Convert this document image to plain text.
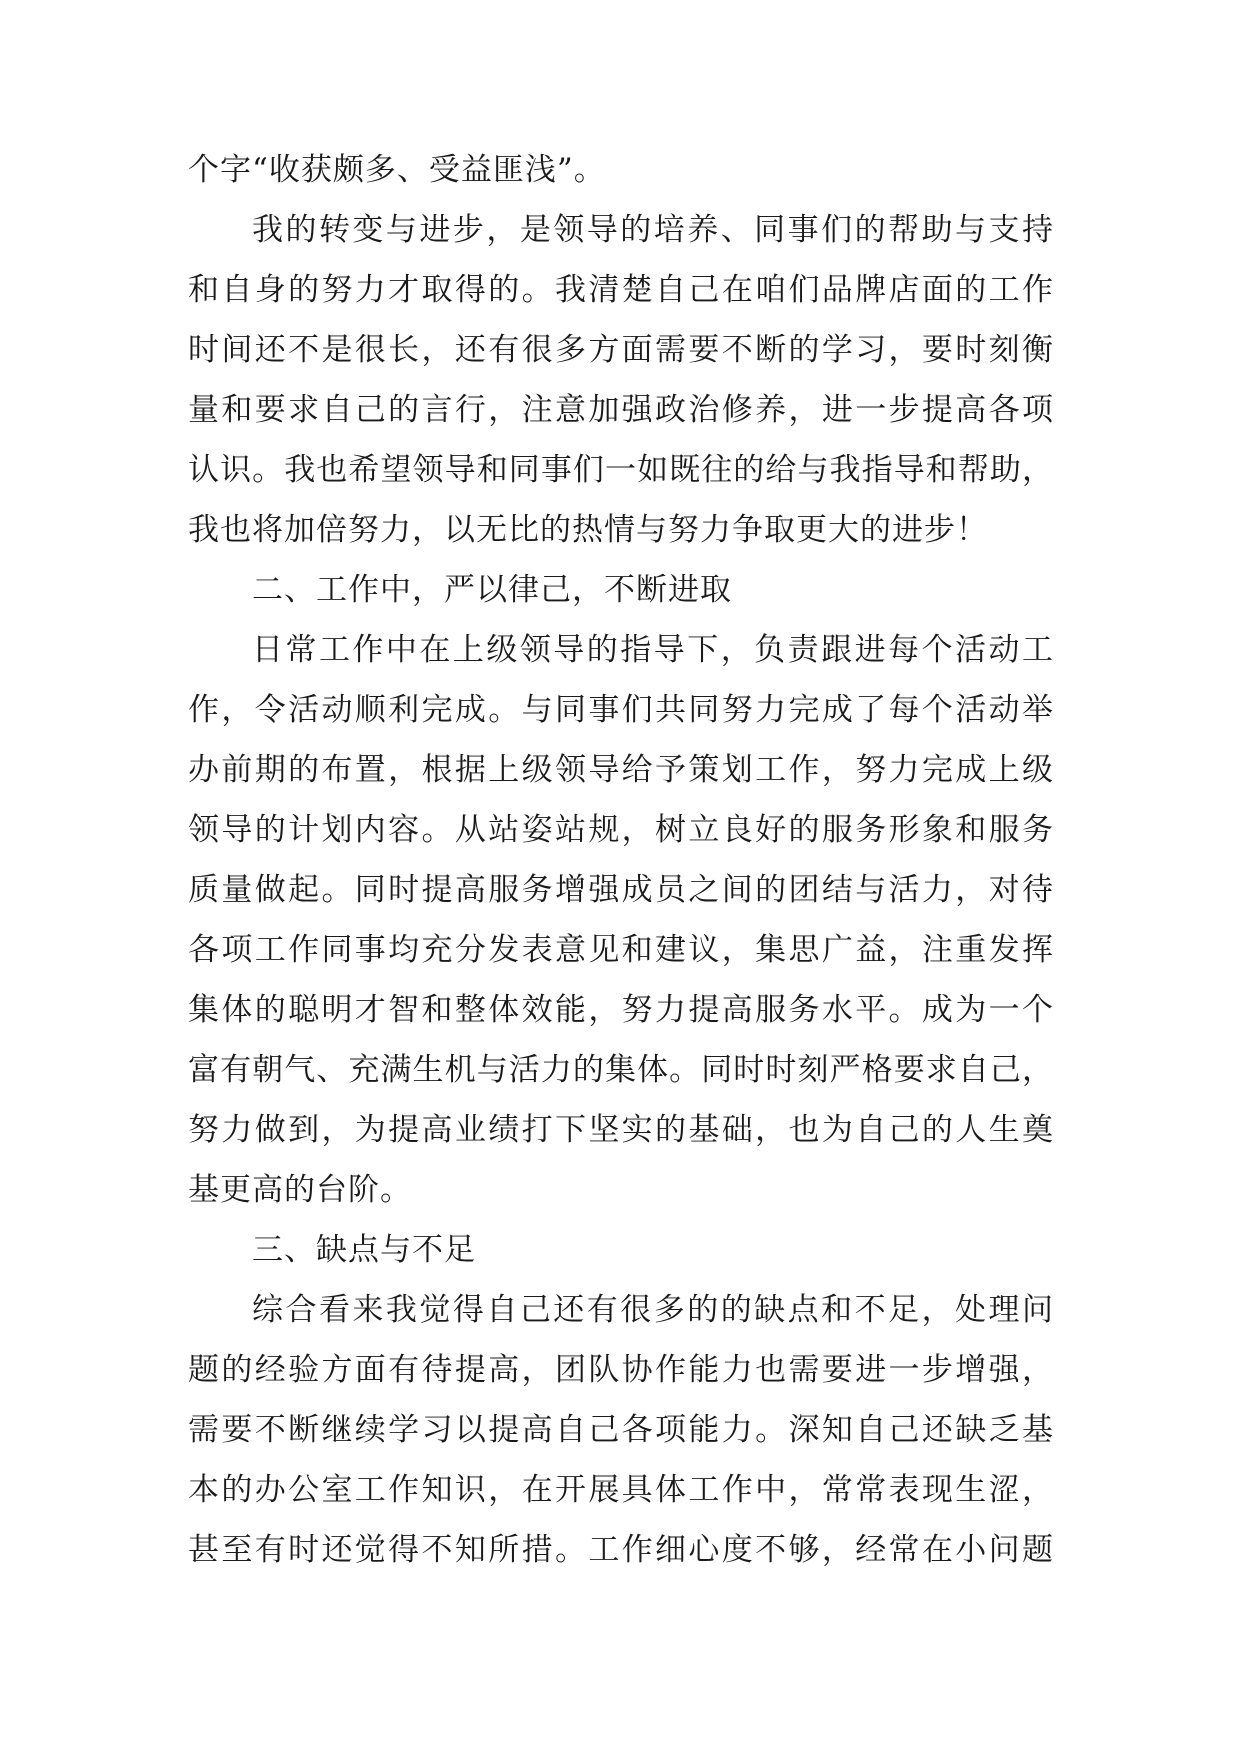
个字“收获颇多、受益匪浅”。
我的转变与进步，是领导的培养、同事们的帮助与支持
和自身的努力才取得的。我清楚自己在咱们品牌店面的工作
时间还不是很长，还有很多方面需要不断的学习，要时刻衡
量和要求自己的言行，注意加强政治修养，进一步提高各项
认识。我也希望领导和同事们一如既往的给与我指导和帮助，
我也将加倍努力，以无比的热情与努力争取更大的进步！
二、工作中，严以律己，不断进取
日常工作中在上级领导的指导下，负责跟进每个活动工
作，令活动顺利完成。与同事们共同努力完成了每个活动举
办前期的布置，根据上级领导给予策划工作，努力完成上级
领导的计划内容。从站姿站规，树立良好的服务形象和服务
质量做起。同时提高服务增强成员之间的团结与活力，对待
各项工作同事均充分发表意见和建议，集思广益，注重发挥
集体的聪明才智和整体效能，努力提高服务水平。成为一个
富有朝气、充满生机与活力的集体。同时时刻严格要求自己，
努力做到，为提高业绩打下坚实的基础，也为自己的人生奠
基更高的台阶。
三、缺点与不足
综合看来我觉得自己还有很多的的缺点和不足，处理问
题的经验方面有待提高，团队协作能力也需要进一步增强，
需要不断继续学习以提高自己各项能力。深知自己还缺乏基
本的办公室工作知识，在开展具体工作中，常常表现生涩，
甚至有时还觉得不知所措。工作细心度不够，经常在小问题
